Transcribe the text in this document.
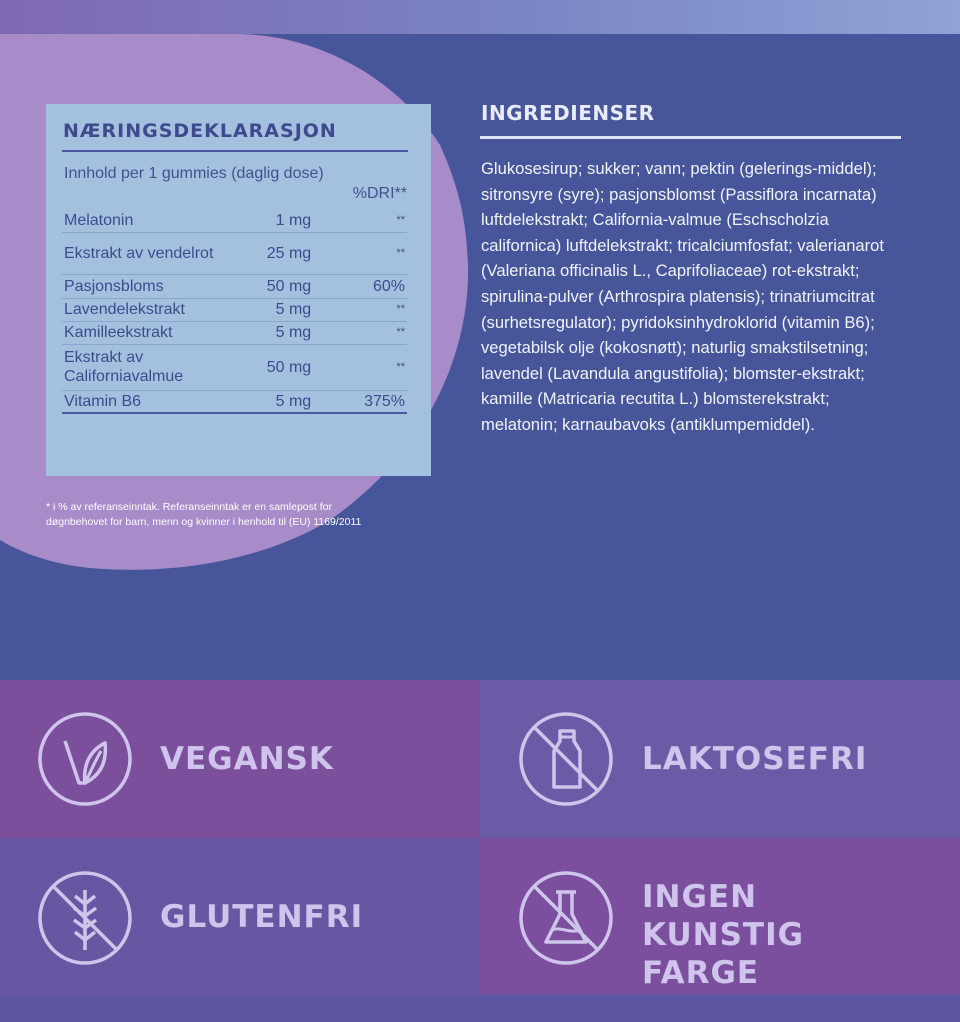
NÆRINGSDEKLARASJON
Innhold per 1 gummies (daglig dose)
%DRI**
Melatonin	1 mg	**
Ekstrakt av vendelrot	25 mg	**
Pasjonsbloms	50 mg	60%
Lavendelekstrakt	5 mg	**
Kamilleekstrakt	5 mg	**
Ekstrakt av Californiavalmue	50 mg	**
Vitamin B6	5 mg	375%
* i % av referanseinntak. Referanseinntak er en samlepost for døgnbehovet for barn, menn og kvinner i henhold til (EU) 1169/2011
INGREDIENSER
Glukosesirup; sukker; vann; pektin (gelerings-middel); sitronsyre (syre); pasjonsblomst (Passiflora incarnata) luftdelekstrakt; California-valmue (Eschscholzia californica) luftdelekstrakt; tricalciumfosfat; valerianarot (Valeriana officinalis L., Caprifoliaceae) rot-ekstrakt; spirulina-pulver (Arthrospira platensis); trinatriumcitrat (surhetsregulator); pyridoksinhydroklorid (vitamin B6); vegetabilsk olje (kokosnøtt); naturlig smakstilsetning; lavendel (Lavandula angustifolia); blomster-ekstrakt; kamille (Matricaria recutita L.) blomsterekstrakt; melatonin; karnaubavoks (antiklumpemiddel).
VEGANSK	LAKTOSEFRI
GLUTENFRI
INGEN KUNSTIG FARGE
